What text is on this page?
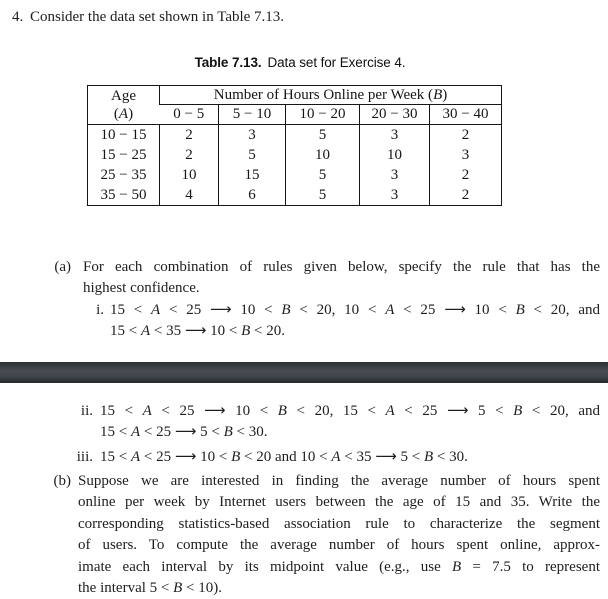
4. Consider the data set shown in Table 7.13.
Table 7.13. Data set for Exercise 4.
Age
(A)	Number of Hours Online per Week (B)				
	0 − 5	5 − 10	10 − 20	20 − 30	30 − 40
10 − 15	2	3	5	3	2
15 − 25	2	5	10	10	3
25 − 35	10	15	5	3	2
35 − 50	4	6	5	3	2
(a) For each combination of rules given below, specify the rule that has the
highest confidence.
i. 15 < A < 25 ⟶ 10 < B < 20, 10 < A < 25 ⟶ 10 < B < 20, and
15 < A < 35 ⟶ 10 < B < 20.
ii. 15 < A < 25 ⟶ 10 < B < 20, 15 < A < 25 ⟶ 5 < B < 20, and
15 < A < 25 ⟶ 5 < B < 30.
iii. 15 < A < 25 ⟶ 10 < B < 20 and 10 < A < 35 ⟶ 5 < B < 30.
(b) Suppose we are interested in finding the average number of hours spent
online per week by Internet users between the age of 15 and 35. Write the
corresponding statistics-based association rule to characterize the segment
of users. To compute the average number of hours spent online, approx-
imate each interval by its midpoint value (e.g., use B = 7.5 to represent
the interval 5 < B < 10).
